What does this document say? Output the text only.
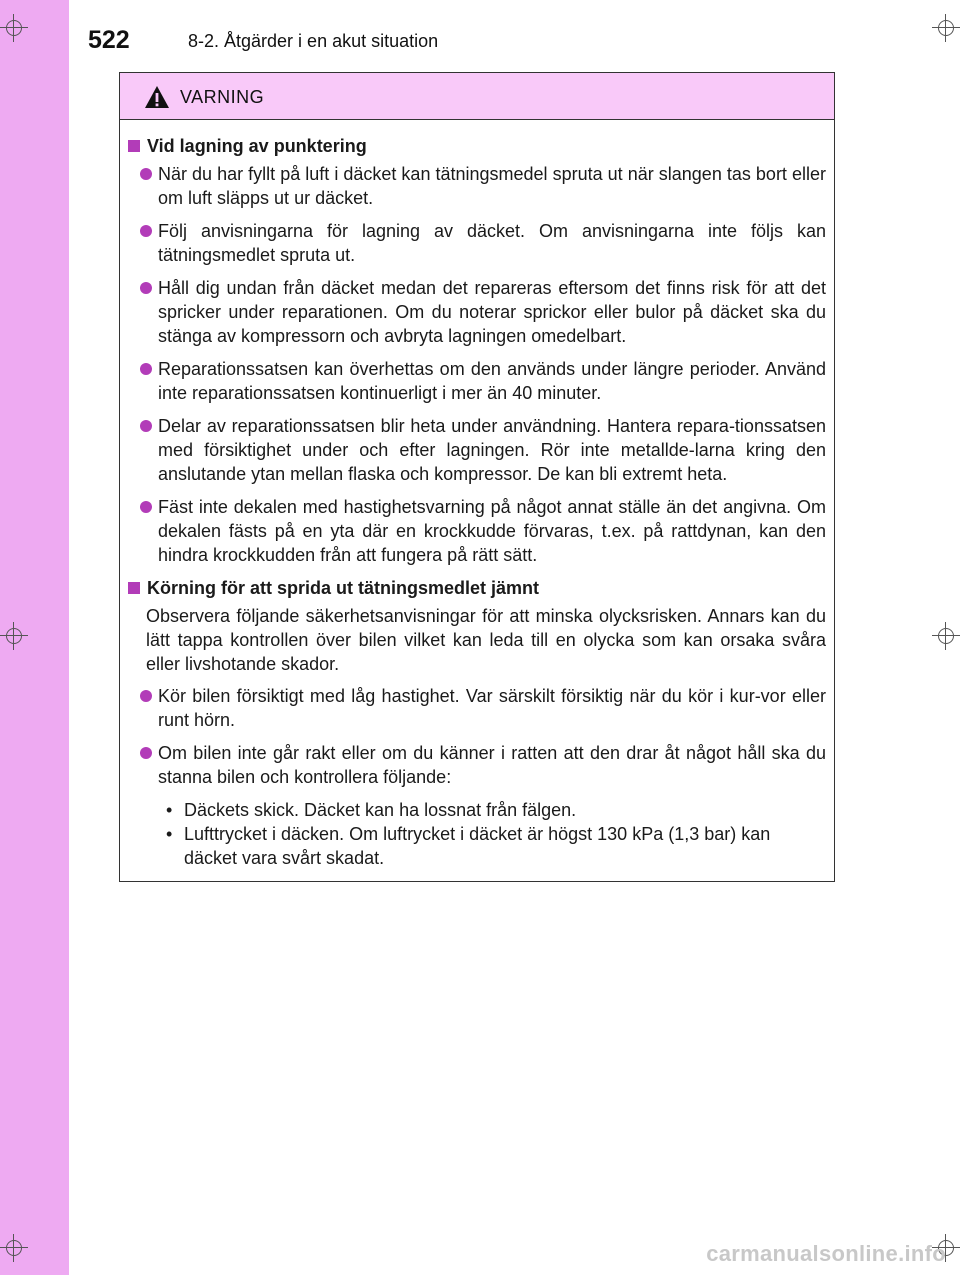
522	8-2. Åtgärder i en akut situation
VARNING
Vid lagning av punktering
När du har fyllt på luft i däcket kan tätningsmedel spruta ut när slangen tas bort eller om luft släpps ut ur däcket.
Följ anvisningarna för lagning av däcket. Om anvisningarna inte följs kan tätningsmedlet spruta ut.
Håll dig undan från däcket medan det repareras eftersom det finns risk för att det spricker under reparationen. Om du noterar sprickor eller bulor på däcket ska du stänga av kompressorn och avbryta lagningen omedelbart.
Reparationssatsen kan överhettas om den används under längre perioder. Använd inte reparationssatsen kontinuerligt i mer än 40 minuter.
Delar av reparationssatsen blir heta under användning. Hantera repara-tionssatsen med försiktighet under och efter lagningen. Rör inte metallde-larna kring den anslutande ytan mellan flaska och kompressor. De kan bli extremt heta.
Fäst inte dekalen med hastighetsvarning på något annat ställe än det angivna. Om dekalen fästs på en yta där en krockkudde förvaras, t.ex. på rattdynan, kan den hindra krockkudden från att fungera på rätt sätt.
Körning för att sprida ut tätningsmedlet jämnt
Observera följande säkerhetsanvisningar för att minska olycksrisken. Annars kan du lätt tappa kontrollen över bilen vilket kan leda till en olycka som kan orsaka svåra eller livshotande skador.
Kör bilen försiktigt med låg hastighet. Var särskilt försiktig när du kör i kur-vor eller runt hörn.
Om bilen inte går rakt eller om du känner i ratten att den drar åt något håll ska du stanna bilen och kontrollera följande:
• Däckets skick. Däcket kan ha lossnat från fälgen.
• Lufttrycket i däcken. Om luftrycket i däcket är högst 130 kPa (1,3 bar) kan däcket vara svårt skadat.
carmanualsonline.info
